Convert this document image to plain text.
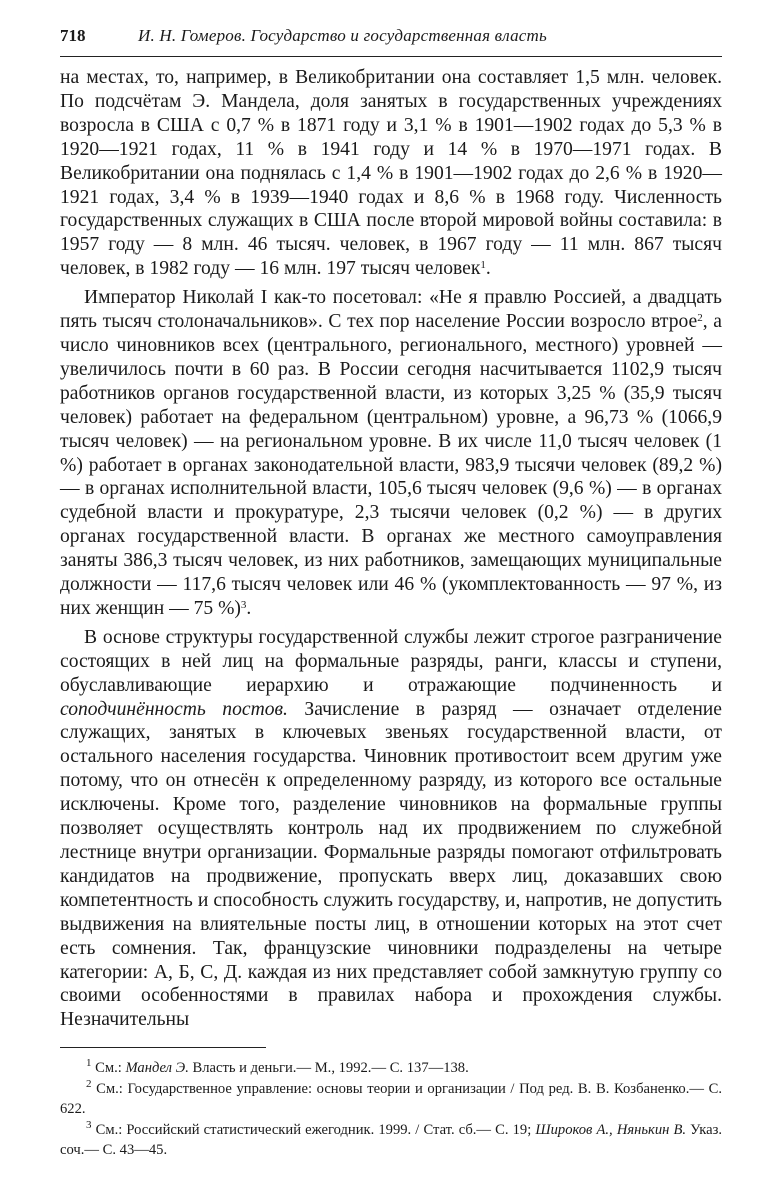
718	И. Н. Гомеров. Государство и государственная власть

на местах, то, например, в Великобритании она составляет 1,5 млн. человек. По подсчётам Э. Мандела, доля занятых в государственных учреждениях возросла в США с 0,7 % в 1871 году и 3,1 % в 1901—1902 годах до 5,3 % в 1920—1921 годах, 11 % в 1941 году и 14 % в 1970—1971 годах. В Великобритании она поднялась с 1,4 % в 1901—1902 годах до 2,6 % в 1920—1921 годах, 3,4 % в 1939—1940 годах и 8,6 % в 1968 году. Численность государственных служащих в США после второй мировой войны составила: в 1957 году — 8 млн. 46 тысяч. человек, в 1967 году — 11 млн. 867 тысяч человек, в 1982 году — 16 млн. 197 тысяч человек$^1$.

Император Николай I как-то посетовал: «Не я правлю Россией, а двадцать пять тысяч столоначальников». С тех пор население России возросло втрое$^2$, а число чиновников всех (центрального, регионального, местного) уровней — увеличилось почти в 60 раз. В России сегодня насчитывается 1102,9 тысяч работников органов государственной власти, из которых 3,25 % (35,9 тысяч человек) работает на федеральном (центральном) уровне, а 96,73 % (1066,9 тысяч человек) — на региональном уровне. В их числе 11,0 тысяч человек (1 %) работает в органах законодательной власти, 983,9 тысячи человек (89,2 %) — в органах исполнительной власти, 105,6 тысяч человек (9,6 %) — в органах судебной власти и прокуратуре, 2,3 тысячи человек (0,2 %) — в других органах государственной власти. В органах же местного самоуправления заняты 386,3 тысяч человек, из них работников, замещающих муниципальные должности — 117,6 тысяч человек или 46 % (укомплектованность — 97 %, из них женщин — 75 %)$^3$.

В основе структуры государственной службы лежит строгое разграничение состоящих в ней лиц на формальные разряды, ранги, классы и ступени, обуславливающие иерархию и отражающие подчиненность и соподчинённость постов. Зачисление в разряд — означает отделение служащих, занятых в ключевых звеньях государственной власти, от остального населения государства. Чиновник противостоит всем другим уже потому, что он отнесён к определенному разряду, из которого все остальные исключены. Кроме того, разделение чиновников на формальные группы позволяет осуществлять контроль над их продвижением по служебной лестнице внутри организации. Формальные разряды помогают отфильтровать кандидатов на продвижение, пропускать вверх лиц, доказавших свою компетентность и способность служить государству, и, напротив, не допустить выдвижения на влиятельные посты лиц, в отношении которых на этот счет есть сомнения. Так, французские чиновники подразделены на четыре категории: A, Б, C, Д. каждая из них представляет собой замкнутую группу со своими особенностями в правилах набора и прохождения службы. Незначительны

$^1$ См.: Мандел Э. Власть и деньги.— М., 1992.— С. 137—138.

$^2$ См.: Государственное управление: основы теории и организации / Под ред. В. В. Козбаненко.— С. 622.

$^3$ См.: Российский статистический ежегодник. 1999. / Стат. сб.— С. 19; Широков А., Нянькин В. Указ. соч.— С. 43—45.
